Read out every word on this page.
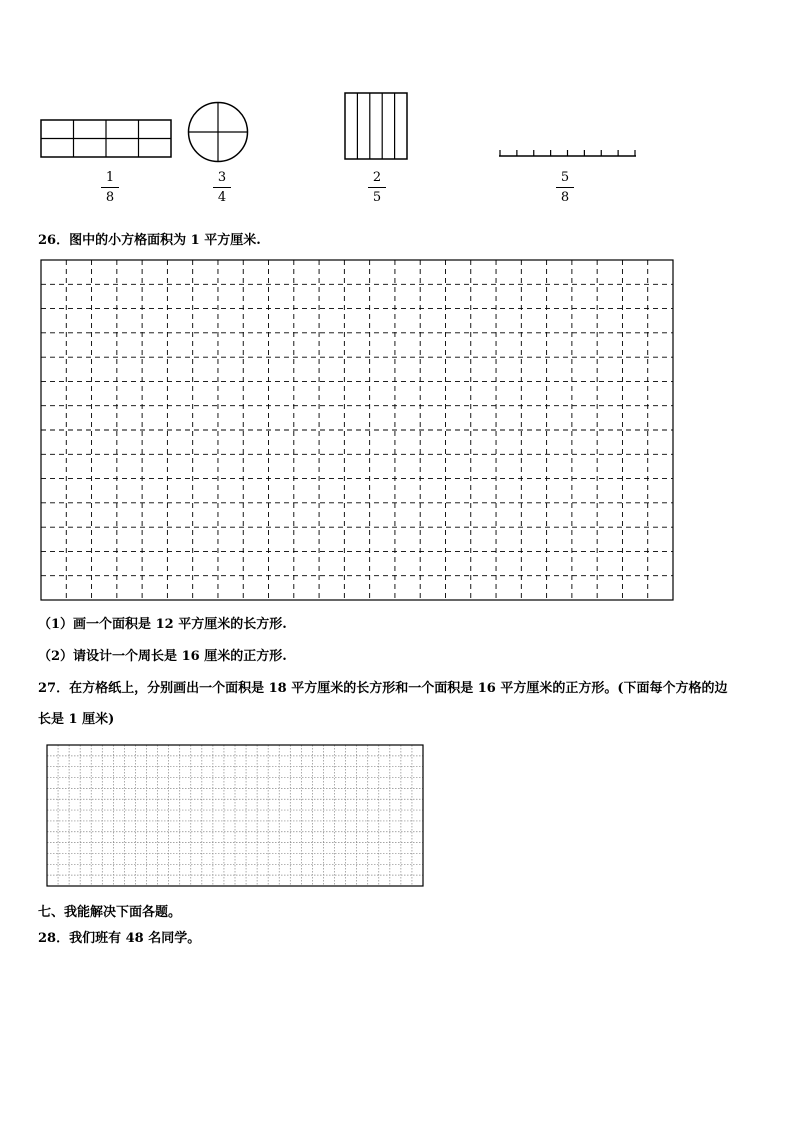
1
8
3
4
2
5
5
8
26．图中的小方格面积为 1 平方厘米.
（1）画一个面积是 12 平方厘米的长方形.
（2）请设计一个周长是 16 厘米的正方形.
27．在方格纸上，分别画出一个面积是 18 平方厘米的长方形和一个面积是 16 平方厘米的正方形。(下面每个方格的边
长是 1 厘米)
七、我能解决下面各题。
28．我们班有 48 名同学。
